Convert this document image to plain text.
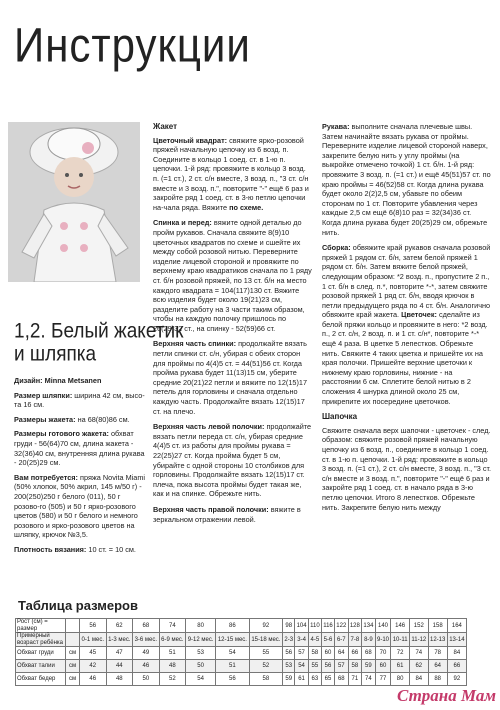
Инструкции
1,2. Белый жакетик
и шляпка

Дизайн: Minna Metsanen

Размер шляпки: ширина 42 см, высо-та 16 см.

Размеры жакета: на 68(80)86 см.

Размеры готового жакета: обхват груди - 56(64)70 см, длина жакета - 32(36)40 см, внутренняя длина рукава - 20(25)29 см.

Вам потребуется: пряжа Novita Miami (50% хлопок, 50% акрил, 145 м/50 г) - 200(250)250 г белого (011), 50 г розово-го (505) и 50 г ярко-розового цветов (580) и 50 г белого и немного розового и ярко-розового цветов на шляпку, крючок №3,5.

Плотность вязания: 10 ст. = 10 см.

Жакет

Цветочный квадрат: свяжите ярко-розовой пряжей начальную цепочку из 6 возд. п. Соедините в кольцо 1 соед. ст. в 1-ю п. цепочки. 1-й ряд: провяжите в кольцо 3 возд. п. (=1 ст.), 2 ст. с/н вместе, 3 возд. п., "3 ст. с/н вместе и 3 возд. п.", повторите "-" ещё 6 раз и закройте ряд 1 соед. ст. в 3-ю петлю цепочки на-чала ряда. Вяжите по схеме.

Спинка и перед: вяжите одной деталью до пройм рукавов. Сначала свяжите 8(9)10 цветочных квадратов по схеме и сшейте их между собой розовой нитью. Переверните изделие лицевой стороной и провяжите по верхнему краю квадратиков сначала по 1 ряду ст. б/н розовой пряжей, по 13 ст. б/н на место каждого квадрата = 104(117)130 ст. Вяжите всю изделия будет около 19(21)23 см, разделите работу на 3 части таким образом, чтобы на каждую полочку пришлось по 26(29)32 ст., на спинку - 52(59)66 ст.

Верхняя часть спинки: продолжайте вязать петли спинки ст. с/н, убирая с обеих сторон для проймы по 4(4)5 ст. = 44(51)56 ст. Когда пройма рукава будет 11(13)15 см, уберите средние 20(21)22 петли и вяжите по 12(15)17 петель для горловины и сначала отдельно каждую часть. Продолжайте вязать 12(15)17 ст. на плечо.

Верхняя часть левой полочки: продолжайте вязать петли переда ст. с/н, убирая средние 4(4)5 ст. из работы для проймы рукава = 22(25)27 ст. Когда пройма будет 5 см, убирайте с одной стороны 10 столбиков для горловины. Продолжайте вязать 12(15)17 ст. плеча, пока высота проймы будет такая же, как и на спинке. Обрежьте нить.

Верхняя часть правой полочки: вяжите в зеркальном отражении левой.

Рукава: выполните сначала плечевые швы. Затем начинайте вязать рукава от проймы. Переверните изделие лицевой стороной наверх, закрепите белую нить у углу проймы (на выкройке отмечено точкой) 1 ст. б/н. 1-й ряд: провяжите 3 возд. п. (=1 ст.) и ещё 45(51)57 ст. по краю проймы = 46(52)58 ст. Когда длина рукава будет около 2(2)2,5 см, убавьте по обеим сторонам по 1 ст. Повторите убавления через каждые 2,5 см ещё 6(8)10 раз = 32(34)36 ст. Когда длина рукава будет 20(25)29 см, обрежьте нить.

Сборка: обвяжите край рукавов сначала розовой пряжей 1 рядом ст. б/н, затем белой пряжей 1 рядом ст. б/н. Затем вяжите белой пряжей, следующим образом: *2 возд. п., пропустите 2 п., 1 ст. б/н в след. п.*, повторите *-*, затем свяжите розовой пряжей 1 ряд ст. б/н, вводя крючок в петли предыдущего ряда по 4 ст. б/н. Аналогично обвяжите край жакета. Цветочек: сделайте из белой пряжи кольцо и провяжите в него: *2 возд. п., 2 ст. с/н, 2 возд. п. и 1 ст. с/н*, повторите *-* ещё 4 раза. В цветке 5 лепестков. Обрежьте нить. Свяжите 4 таких цветка и пришейте их на края полочки. Пришейте верхние цветочки к нижнему краю горловины, нижние - на расстоянии 6 см. Сплетите белой нитью в 2 сложения 4 шнурка длиной около 25 см, прикрепите их посередине цветочков.

Шапочка

Свяжите сначала верх шапочки - цветочек - след. образом: свяжите розовой пряжей начальную цепочку из 6 возд. п., соедините в кольцо 1 соед. ст. в 1-ю п. цепочки. 1-й ряд: провяжите в кольцо 3 возд. п. (=1 ст.), 2 ст. с/н вместе, 3 возд. п., "3 ст. с/н вместе и 3 возд. п.", повторите "-" ещё 6 раз и закройте ряд 1 соед. ст. в начало ряда в 3-ю петлю цепочки. Итого 8 лепестков. Обрежьте нить. Закрепите белую нить между

Таблица размеров
Рост (см) = размер		56	62	68	74	80	86	92	98	104	110	116	122	128	134	140	146	152	158	164
Примерный возраст ребёнка		0-1 мес.	1-3 мес.	3-6 мес.	6-9 мес.	9-12 мес.	12-15 мес.	15-18 мес.	2-3	3-4	4-5	5-6	6-7	7-8	8-9	9-10	10-11	11-12	12-13	13-14
Обхват груди	см	45	47	49	51	53	54	55	56	57	58	60	64	66	68	70	72	74	78	84
Обхват талии	см	42	44	46	48	50	51	52	53	54	55	56	57	58	59	60	61	62	64	66
Обхват бедер	см	46	48	50	52	54	56	58	59	61	63	65	68	71	74	77	80	84	88	92
Страна Мам
